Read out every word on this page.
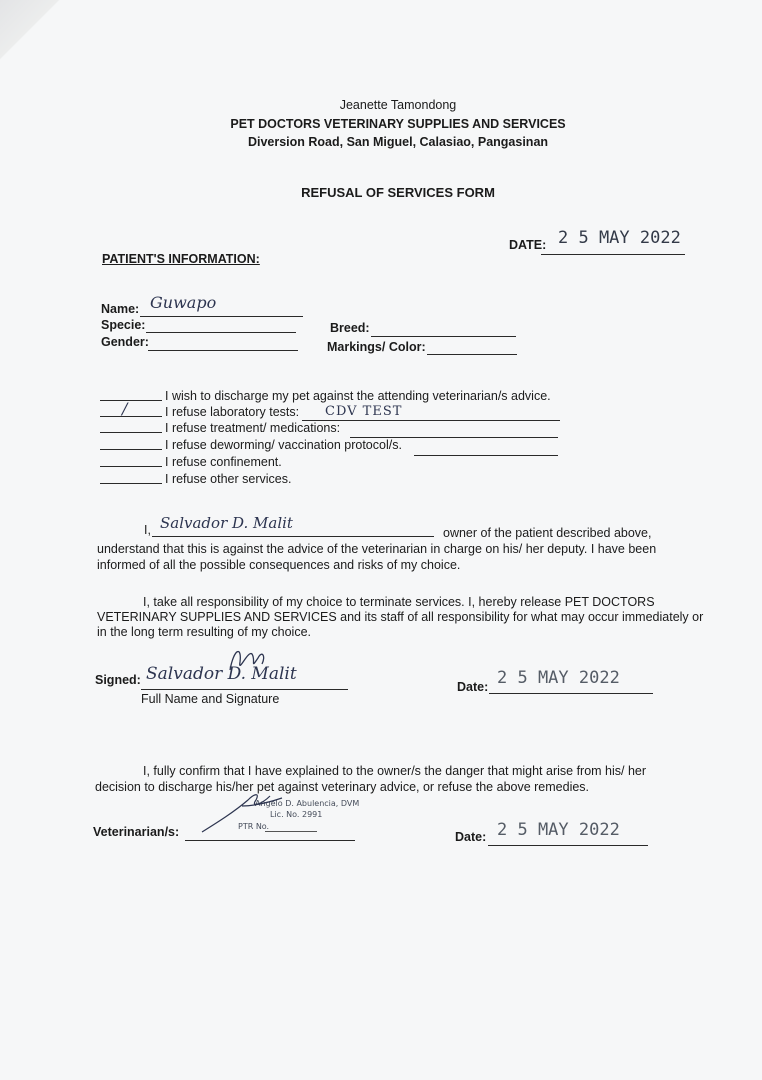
Jeanette Tamondong
PET DOCTORS VETERINARY SUPPLIES AND SERVICES
Diversion Road, San Miguel, Calasiao, Pangasinan
REFUSAL OF SERVICES FORM
DATE: 2 5 MAY 2022
PATIENT'S INFORMATION:
Name: Guwapo
Specie:
Gender:
Breed:
Markings/ Color:
I wish to discharge my pet against the attending veterinarian/s advice.
/	I refuse laboratory tests: CDV TEST
I refuse treatment/ medications:
I refuse deworming/ vaccination protocol/s.
I refuse confinement.
I refuse other services.
I, Salvador D. Malit
owner of the patient described above,
understand that this is against the advice of the veterinarian in charge on his/ her deputy. I have been
informed of all the possible consequences and risks of my choice.
I, take all responsibility of my choice to terminate services. I, hereby release PET DOCTORS
VETERINARY SUPPLIES AND SERVICES and its staff of all responsibility for what may occur immediately or
in the long term resulting of my choice.
Signed: Salvador D. Malit
Full Name and Signature
Date: 2 5 MAY 2022
I, fully confirm that I have explained to the owner/s the danger that might arise from his/ her
decision to discharge his/her pet against veterinary advice, or refuse the above remedies.
Veterinarian/s:
Angelo D. Abulencia, DVM
Lic. No. 2991
PTR No.
Date: 2 5 MAY 2022
